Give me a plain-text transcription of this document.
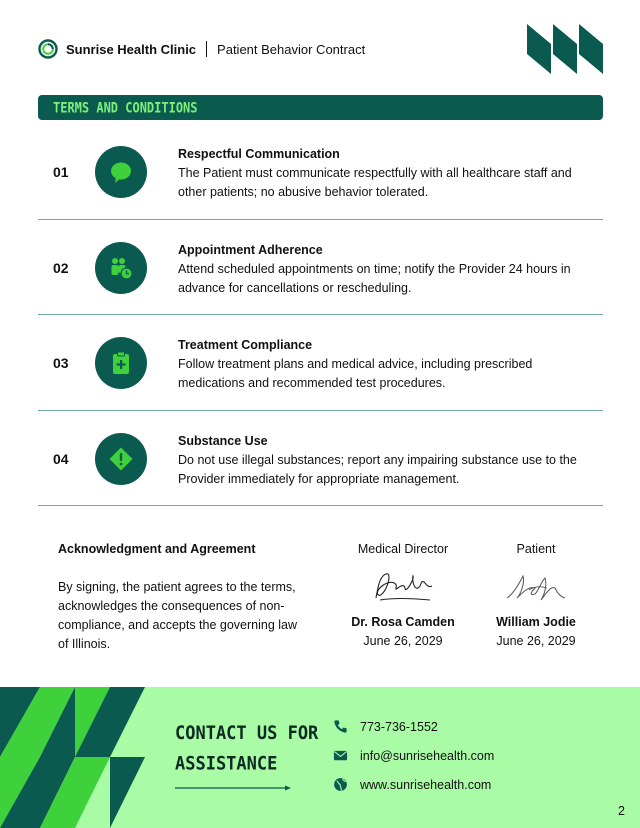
Sunrise Health Clinic Patient Behavior Contract
TERMS AND CONDITIONS
01
Respectful Communication

The Patient must communicate respectfully with all healthcare staff and other patients; no abusive behavior tolerated.

02
Appointment Adherence

Attend scheduled appointments on time; notify the Provider 24 hours in advance for cancellations or rescheduling.

03
Treatment Compliance

Follow treatment plans and medical advice, including prescribed medications and recommended test procedures.

04
Substance Use

Do not use illegal substances; report any impairing substance use to the Provider immediately for appropriate management.

Acknowledgment and Agreement

By signing, the patient agrees to the terms, acknowledges the consequences of non-compliance, and accepts the governing law of Illinois.

Medical Director
Dr. Rosa Camden
June 26, 2029
Patient
William Jodie
June 26, 2029
CONTACT US FOR
ASSISTANCE
773-736-1552
info@sunrisehealth.com
www.sunrisehealth.com
2
